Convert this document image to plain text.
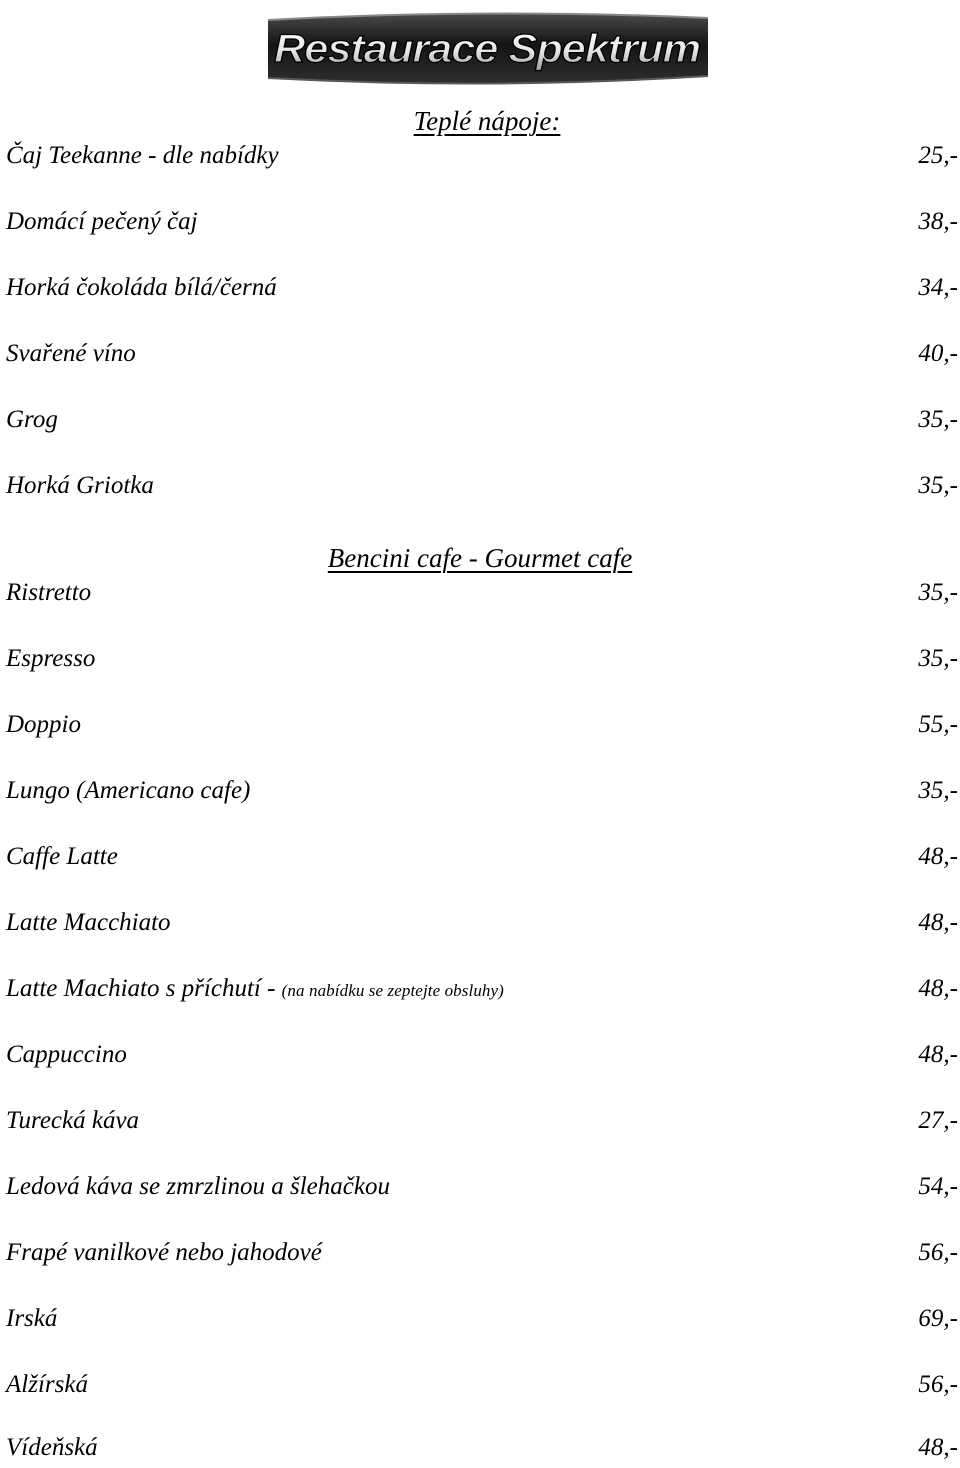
Restaurace Spektrum
Teplé nápoje:
Čaj Teekanne - dle nabídky	25,-
Domácí pečený čaj	38,-
Horká čokoláda bílá/černá	34,-
Svařené víno	40,-
Grog	35,-
Horká Griotka	35,-
Bencini cafe - Gourmet cafe
Ristretto	35,-
Espresso	35,-
Doppio	55,-
Lungo (Americano cafe)	35,-
Caffe Latte	48,-
Latte Macchiato	48,-
Latte Machiato s příchutí - (na nabídku se zeptejte obsluhy)	48,-
Cappuccino	48,-
Turecká káva	27,-
Ledová káva se zmrzlinou a šlehačkou	54,-
Frapé vanilkové nebo jahodové	56,-
Irská	69,-
Alžírská	56,-
Vídeňská	48,-
